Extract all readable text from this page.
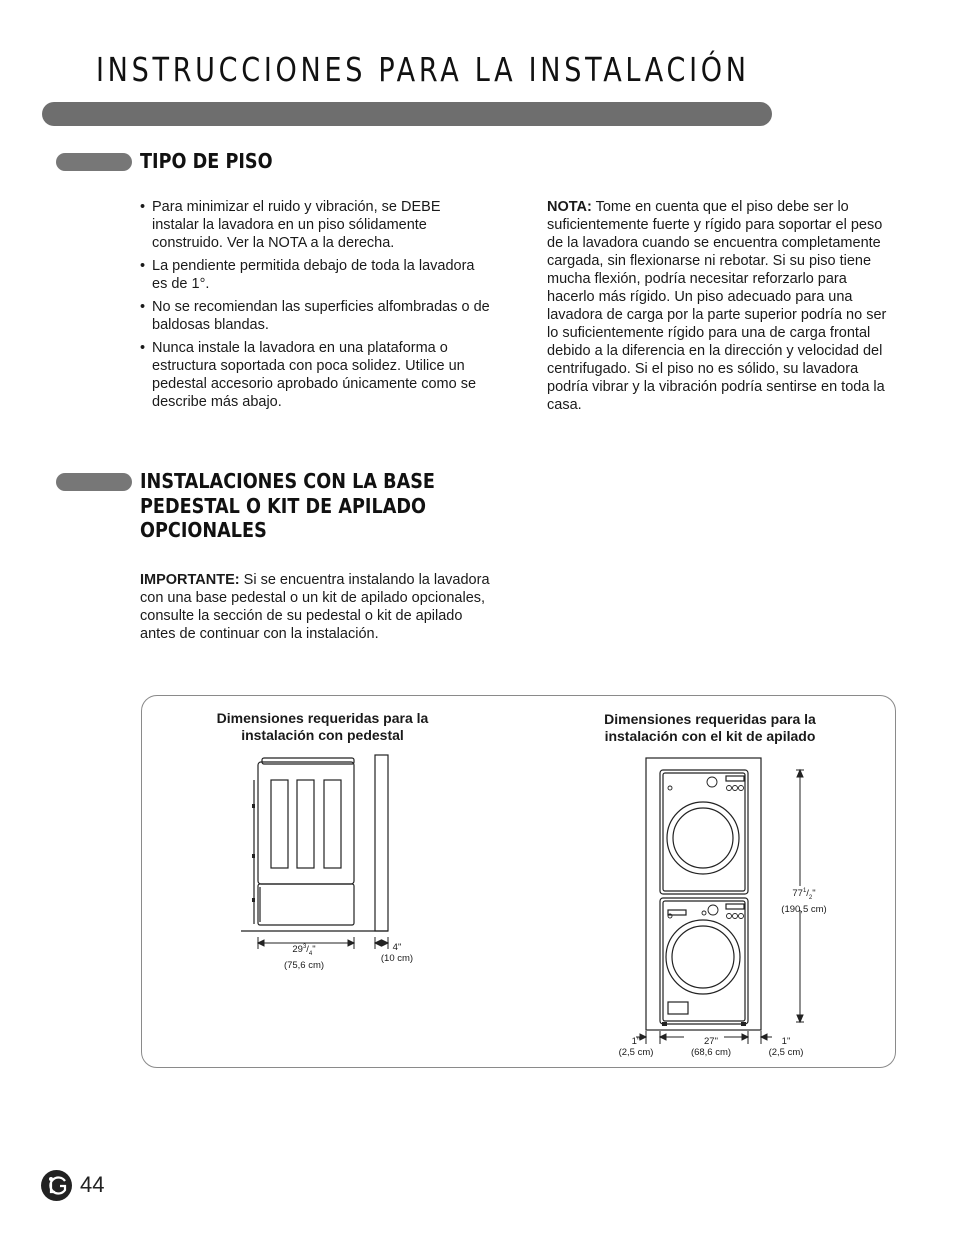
INSTRUCCIONES PARA LA INSTALACIÓN
TIPO DE PISO
• Para minimizar el ruido y vibración, se DEBE instalar la lavadora en un piso sólidamente construido. Ver la NOTA a la derecha.
• La pendiente permitida debajo de toda la lavadora es de 1°.
• No se recomiendan las superficies alfombradas o de baldosas blandas.
• Nunca instale la lavadora en una plataforma o estructura soportada con poca solidez. Utilice un pedestal accesorio aprobado únicamente como se describe más abajo.

NOTA: Tome en cuenta que el piso debe ser lo suficientemente fuerte y rígido para soportar el peso de la lavadora cuando se encuentra completamente cargada, sin flexionarse ni rebotar. Si su piso tiene mucha flexión, podría necesitar reforzarlo para hacerlo más rígido. Un piso adecuado para una lavadora de carga por la parte superior podría no ser lo suficientemente rígido para una de carga frontal debido a la diferencia en la dirección y velocidad del centrifugado. Si el piso no es sólido, su lavadora podría vibrar y la vibración podría sentirse en toda la casa.

INSTALACIONES CON LA BASE
PEDESTAL O KIT DE APILADO
OPCIONALES

IMPORTANTE: Si se encuentra instalando la lavadora con una base pedestal o un kit de apilado opcionales, consulte la sección de su pedestal o kit de apilado antes de continuar con la instalación.

Dimensiones requeridas para la
instalación con pedestal

Dimensiones requeridas para la
instalación con el kit de apilado

$29^3/_4$"
(75,6 cm)
4"
(10 cm)
$77^1/_2$"
(190,5 cm)
1"
(2,5 cm)
27"
(68,6 cm)
1"
(2,5 cm)
44
